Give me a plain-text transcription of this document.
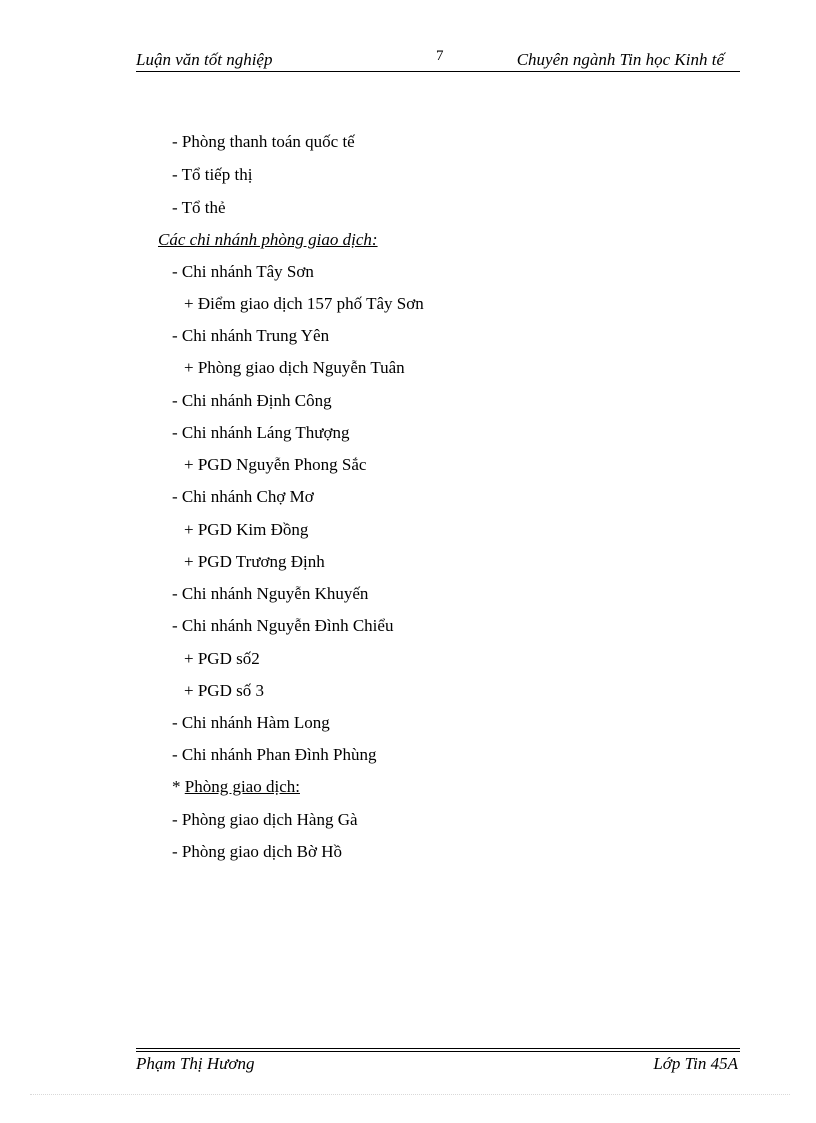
Luận văn tốt nghiệp	7	Chuyên ngành Tin học Kinh tế
- Phòng thanh toán quốc tế
- Tổ tiếp thị
- Tổ thẻ
Các chi nhánh phòng giao dịch:
- Chi nhánh Tây Sơn
+ Điểm giao dịch 157 phố Tây Sơn
- Chi nhánh Trung Yên
+ Phòng giao dịch Nguyễn Tuân
- Chi nhánh Định Công
- Chi nhánh Láng Thượng
+ PGD Nguyễn Phong Sắc
- Chi nhánh Chợ Mơ
+ PGD Kim Đồng
+ PGD Trương Định
- Chi nhánh Nguyễn Khuyến
- Chi nhánh Nguyễn Đình Chiểu
+ PGD số2
+ PGD số 3
- Chi nhánh Hàm Long
- Chi nhánh Phan Đình Phùng
* Phòng giao dịch:
- Phòng giao dịch Hàng Gà
- Phòng giao dịch Bờ Hồ
Phạm Thị Hương	Lớp Tin 45A
